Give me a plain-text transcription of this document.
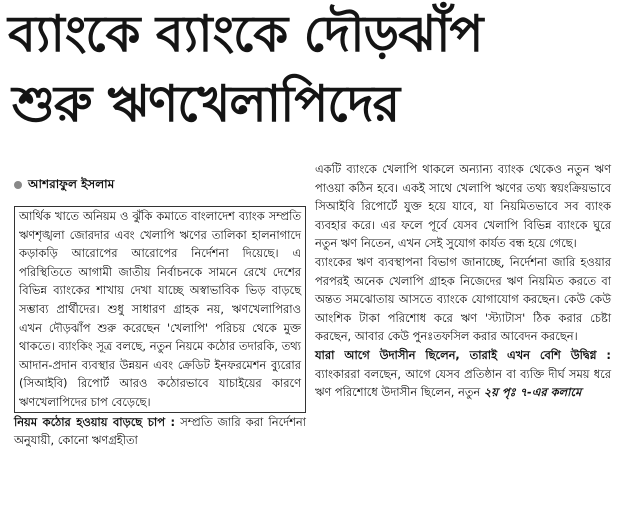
ব্যাংকে ব্যাংকে দৌড়ঝাঁপ
শুরু ঋণখেলাপিদের
আশরাফুল ইসলাম
আর্থিক খাতে অনিয়ম ও ঝুঁকি কমাতে বাংলাদেশ ব্যাংক সম্প্রতি ঋণশৃঙ্খলা জোরদার এবং খেলাপি ঋণের তালিকা হালনাগাদে কড়াকড়ি আরোপের আরোপের নির্দেশনা দিয়েছে। এ পরিস্থিতিতে আগামী জাতীয় নির্বাচনকে সামনে রেখে দেশের বিভিন্ন ব্যাংকের শাখায় দেখা যাচ্ছে অস্বাভাবিক ভিড় বাড়ছে সম্ভাব্য প্রার্থীদের। শুধু সাধারণ গ্রাহক নয়, ঋণখেলাপিরাও এখন দৌড়ঝাঁপ শুরু করেছেন 'খেলাপি' পরিচয় থেকে মুক্ত থাকতে। ব্যাংকিং সূত্র বলছে, নতুন নিয়মে কঠোর তদারকি, তথ্য আদান-প্রদান ব্যবস্থার উন্নয়ন এবং ক্রেডিট ইনফরমেশন ব্যুরোর (সিআইবি) রিপোর্ট আরও কঠোরভাবে যাচাইয়ের কারণে ঋণখেলাপিদের চাপ বেড়েছে।

নিয়ম কঠোর হওয়ায় বাড়ছে চাপ : সম্প্রতি জারি করা নির্দেশনা অনুযায়ী, কোনো ঋণগ্রহীতা

একটি ব্যাংকে খেলাপি থাকলে অন্যান্য ব্যাংক থেকেও নতুন ঋণ পাওয়া কঠিন হবে। একই সাথে খেলাপি ঋণের তথ্য স্বয়ংক্রিয়ভাবে সিআইবি রিপোর্টে যুক্ত হয়ে যাবে, যা নিয়মিতভাবে সব ব্যাংক ব্যবহার করে। এর ফলে পূর্বে যেসব খেলাপি বিভিন্ন ব্যাংকে ঘুরে নতুন ঋণ নিতেন, এখন সেই সুযোগ কার্যত বন্ধ হয়ে গেছে।
ব্যাংকের ঋণ ব্যবস্থাপনা বিভাগ জানাচ্ছে, নির্দেশনা জারি হওয়ার পরপরই অনেক খেলাপি গ্রাহক নিজেদের ঋণ নিয়মিত করতে বা অন্তত সমঝোতায় আসতে ব্যাংকে যোগাযোগ করছেন। কেউ কেউ আংশিক টাকা পরিশোধ করে ঋণ 'স্ট্যাটাস' ঠিক করার চেষ্টা করছেন, আবার কেউ পুনঃতফসিল করার আবেদন করছেন।

যারা আগে উদাসীন ছিলেন, তারাই এখন বেশি উদ্বিগ্ন : ব্যাংকাররা বলছেন, আগে যেসব প্রতিষ্ঠান বা ব্যক্তি দীর্ঘ সময় ধরে ঋণ পরিশোধে উদাসীন ছিলেন, নতুন ২য় পৃঃ ৭-এর কলামে
